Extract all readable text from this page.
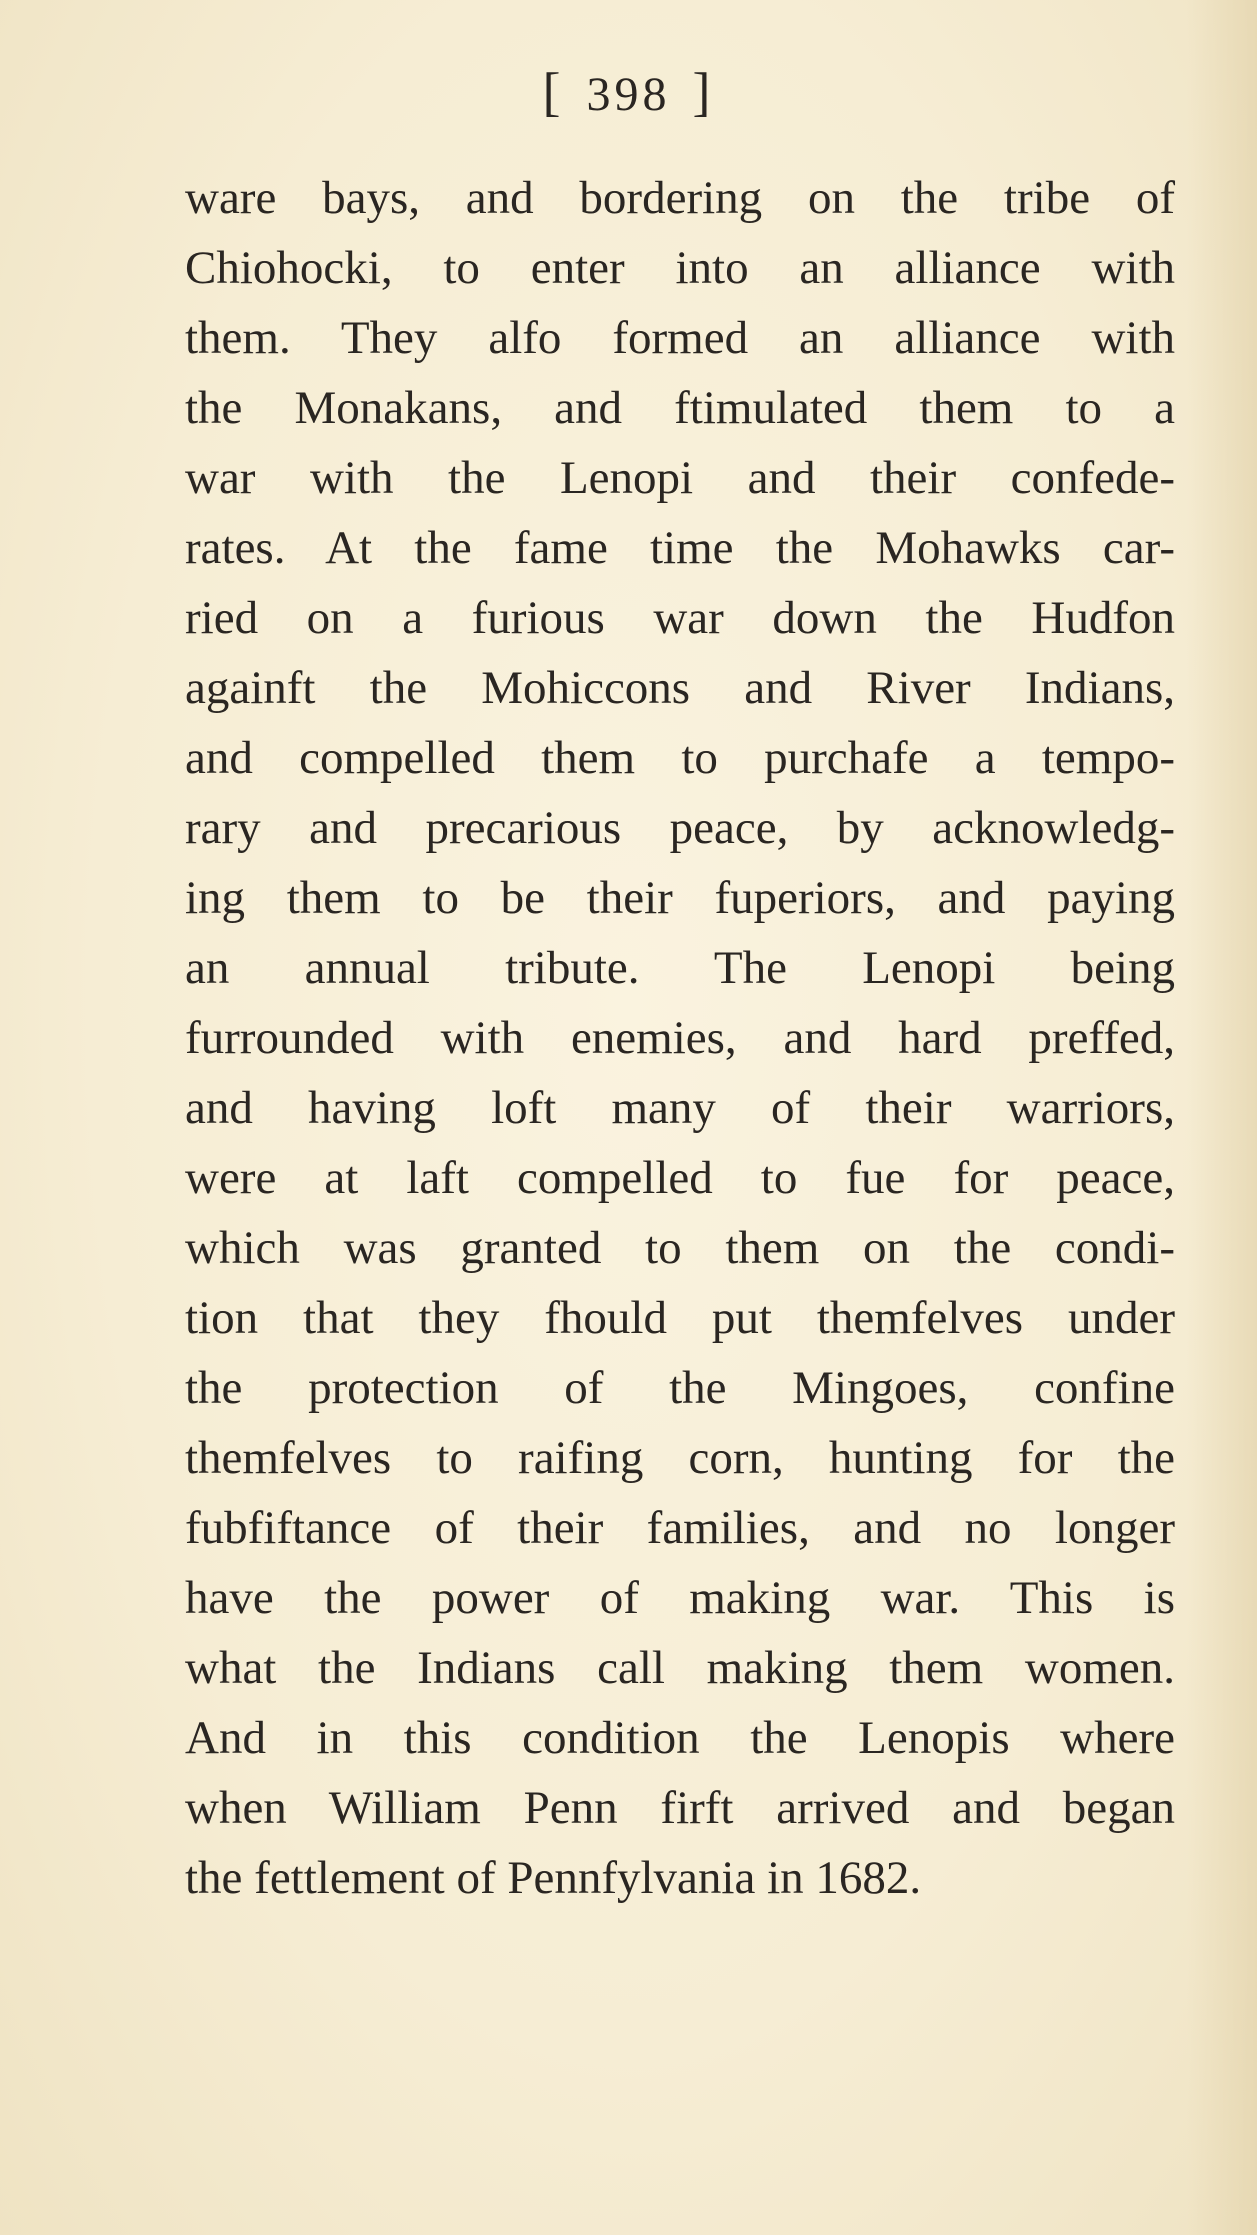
[ 398 ]
ware bays, and bordering on the tribe of
Chiohocki, to enter into an alliance with
them. They alfo formed an alliance with
the Monakans, and ftimulated them to a
war with the Lenopi and their confede-
rates. At the fame time the Mohawks car-
ried on a furious war down the Hudfon
againft the Mohiccons and River Indians,
and compelled them to purchafe a tempo-
rary and precarious peace, by acknowledg-
ing them to be their fuperiors, and paying
an annual tribute. The Lenopi being
furrounded with enemies, and hard preffed,
and having loft many of their warriors,
were at laft compelled to fue for peace,
which was granted to them on the condi-
tion that they fhould put themfelves under
the protection of the Mingoes, confine
themfelves to raifing corn, hunting for the
fubfiftance of their families, and no longer
have the power of making war. This is
what the Indians call making them women.
And in this condition the Lenopis where
when William Penn firft arrived and began
the fettlement of Pennfylvania in 1682.
